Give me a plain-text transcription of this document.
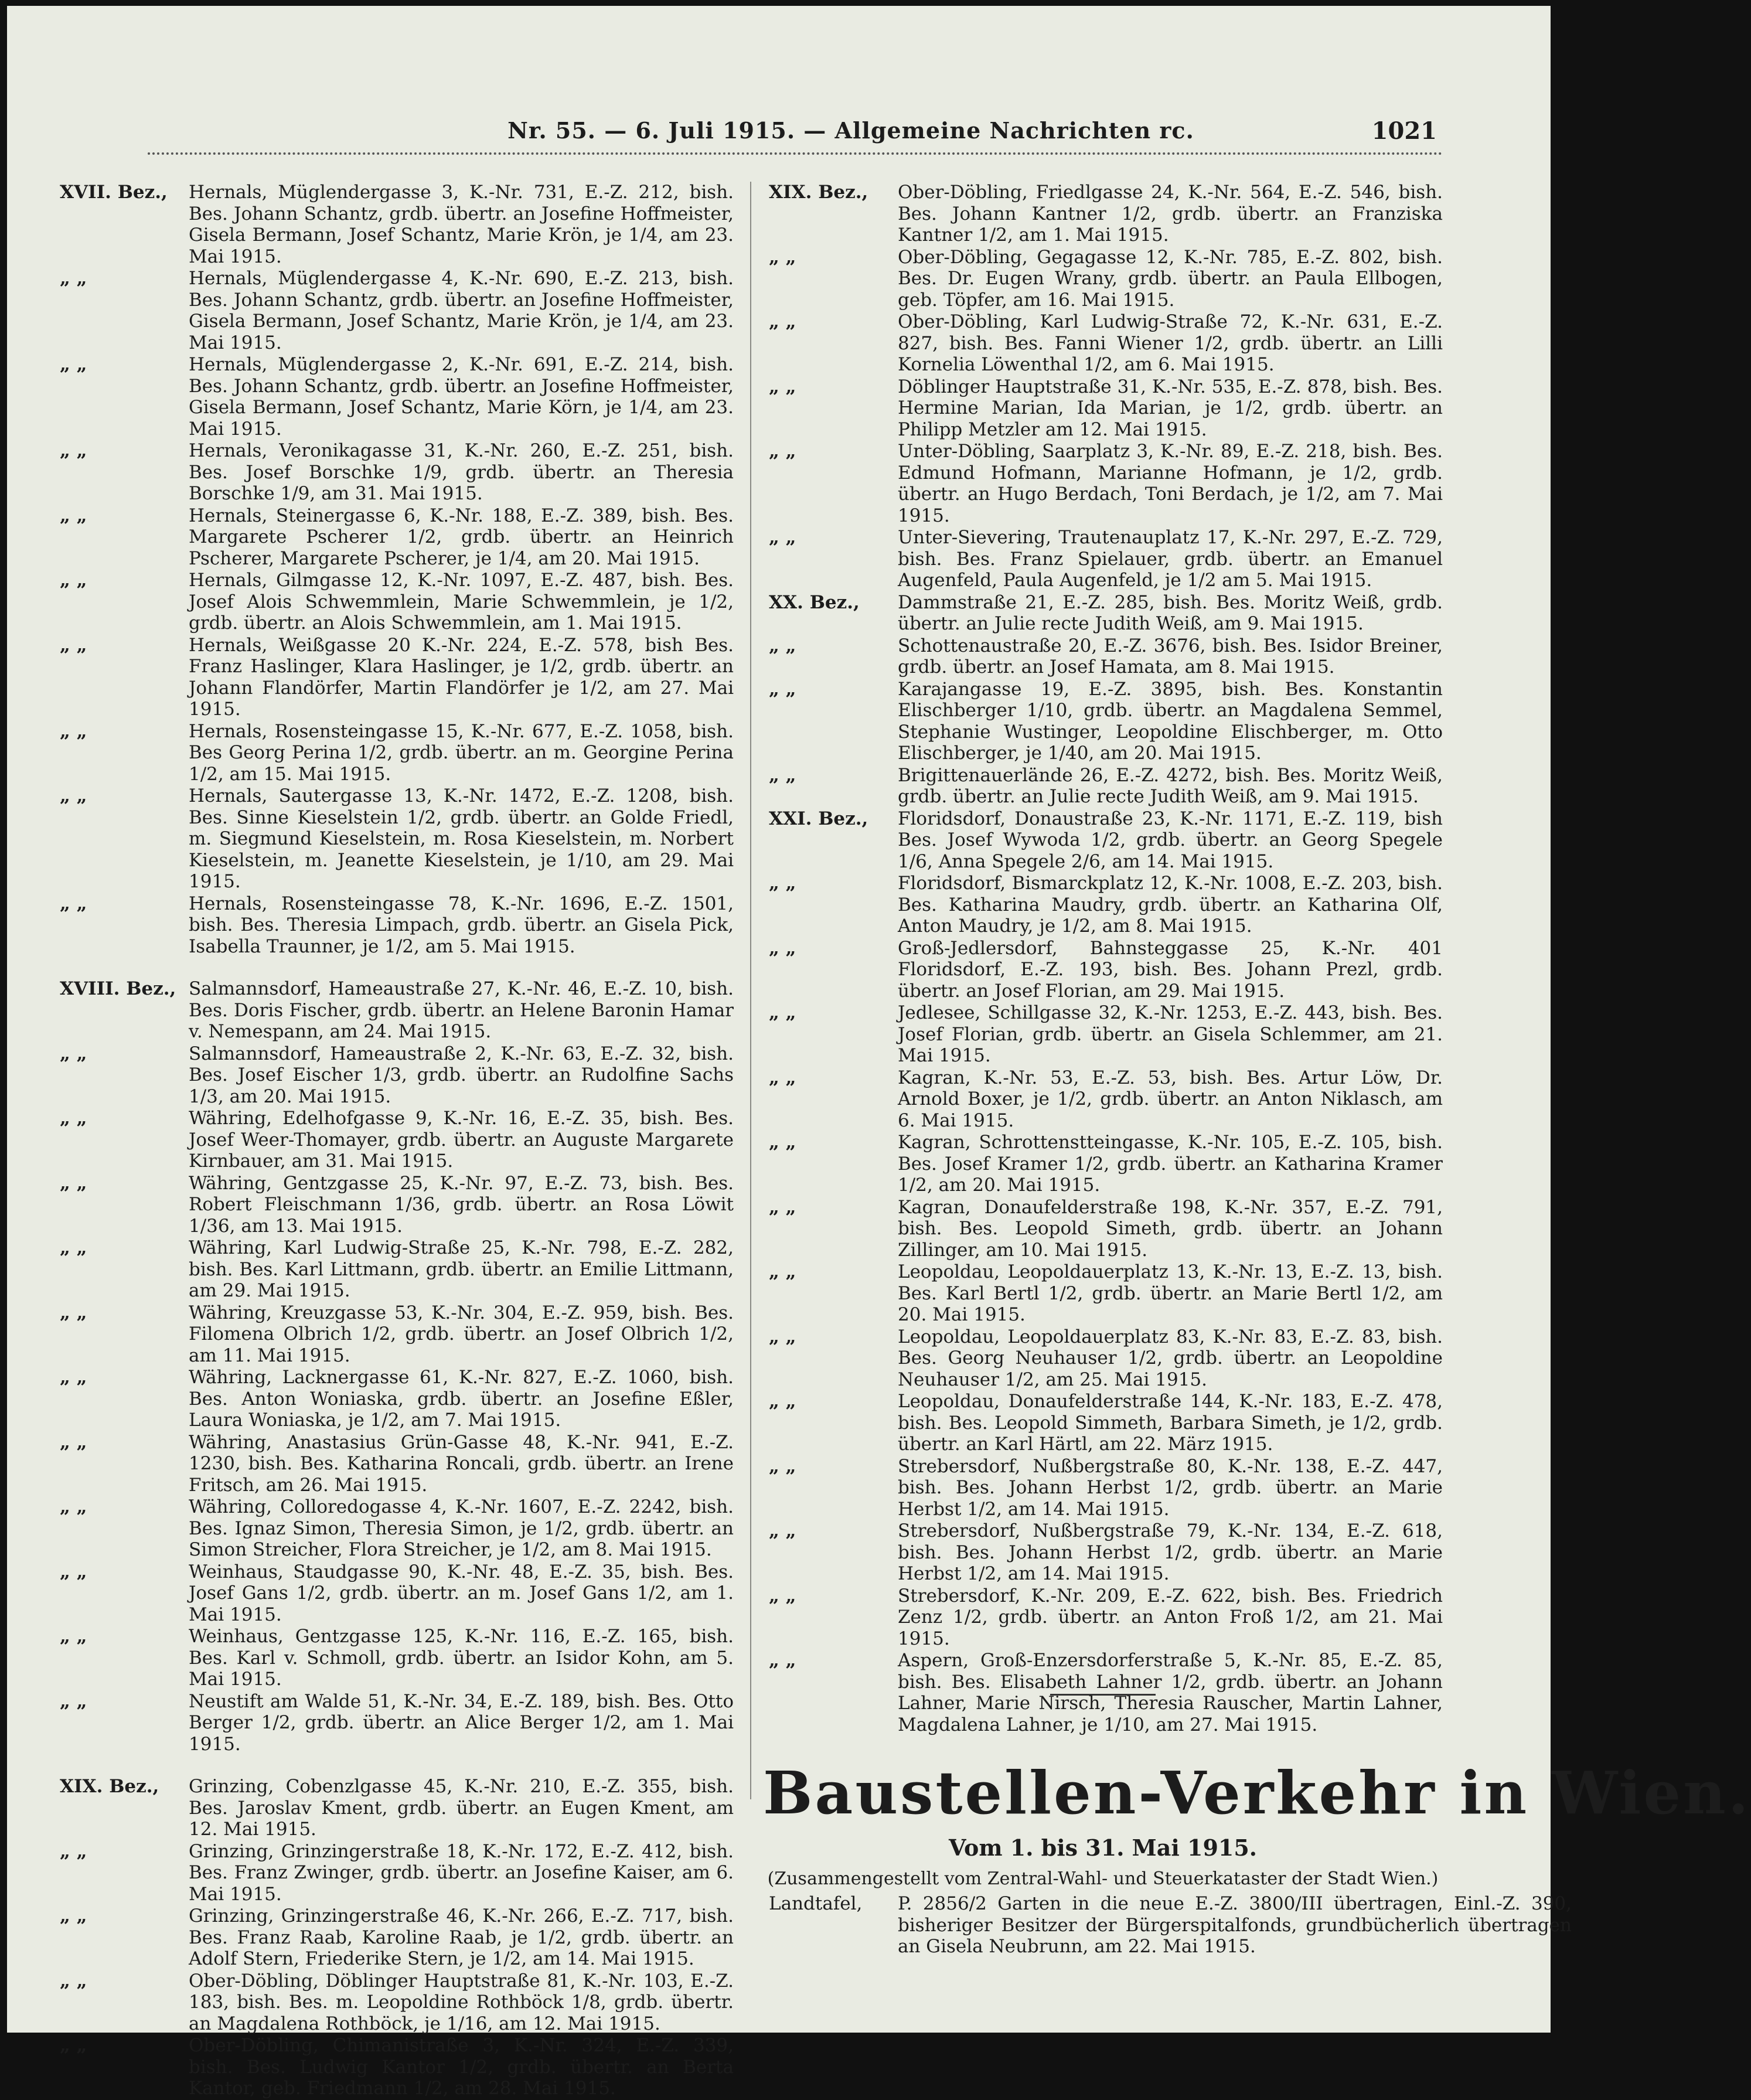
Nr. 55. — 6. Juli 1915. — Allgemeine Nachrichten rc.	1021
XVII. Bez.,	Hernals, Müglendergasse 3, K.-Nr. 731, E.-Z. 212, bish. Bes. Johann Schantz, grdb. übertr. an Josefine Hoffmeister, Gisela Bermann, Josef Schantz, Marie Krön, je 1/4, am 23. Mai 1915.
„ „	Hernals, Müglendergasse 4, K.-Nr. 690, E.-Z. 213, bish. Bes. Johann Schantz, grdb. übertr. an Josefine Hoffmeister, Gisela Bermann, Josef Schantz, Marie Krön, je 1/4, am 23. Mai 1915.
„ „	Hernals, Müglendergasse 2, K.-Nr. 691, E.-Z. 214, bish. Bes. Johann Schantz, grdb. übertr. an Josefine Hoffmeister, Gisela Bermann, Josef Schantz, Marie Körn, je 1/4, am 23. Mai 1915.
„ „	Hernals, Veronikagasse 31, K.-Nr. 260, E.-Z. 251, bish. Bes. Josef Borschke 1/9, grdb. übertr. an Theresia Borschke 1/9, am 31. Mai 1915.
„ „	Hernals, Steinergasse 6, K.-Nr. 188, E.-Z. 389, bish. Bes. Margarete Pscherer 1/2, grdb. übertr. an Heinrich Pscherer, Margarete Pscherer, je 1/4, am 20. Mai 1915.
„ „	Hernals, Gilmgasse 12, K.-Nr. 1097, E.-Z. 487, bish. Bes. Josef Alois Schwemmlein, Marie Schwemmlein, je 1/2, grdb. übertr. an Alois Schwemmlein, am 1. Mai 1915.
„ „	Hernals, Weißgasse 20 K.-Nr. 224, E.-Z. 578, bish Bes. Franz Haslinger, Klara Haslinger, je 1/2, grdb. übertr. an Johann Flandörfer, Martin Flandörfer je 1/2, am 27. Mai 1915.
„ „	Hernals, Rosensteingasse 15, K.-Nr. 677, E.-Z. 1058, bish. Bes Georg Perina 1/2, grdb. übertr. an m. Georgine Perina 1/2, am 15. Mai 1915.
„ „	Hernals, Sautergasse 13, K.-Nr. 1472, E.-Z. 1208, bish. Bes. Sinne Kieselstein 1/2, grdb. übertr. an Golde Friedl, m. Siegmund Kieselstein, m. Rosa Kieselstein, m. Norbert Kieselstein, m. Jeanette Kieselstein, je 1/10, am 29. Mai 1915.
„ „	Hernals, Rosensteingasse 78, K.-Nr. 1696, E.-Z. 1501, bish. Bes. Theresia Limpach, grdb. übertr. an Gisela Pick, Isabella Traunner, je 1/2, am 5. Mai 1915.
XVIII. Bez., Salmannsdorf, Hameaustraße 27, K.-Nr. 46, E.-Z. 10, bish. Bes. Doris Fischer, grdb. übertr. an Helene Baronin Hamar v. Nemespann, am 24. Mai 1915.
„ „	Salmannsdorf, Hameaustraße 2, K.-Nr. 63, E.-Z. 32, bish. Bes. Josef Eischer 1/3, grdb. übertr. an Rudolfine Sachs 1/3, am 20. Mai 1915.
„ „	Währing, Edelhofgasse 9, K.-Nr. 16, E.-Z. 35, bish. Bes. Josef Weer-Thomayer, grdb. übertr. an Auguste Margarete Kirnbauer, am 31. Mai 1915.
„ „	Währing, Gentzgasse 25, K.-Nr. 97, E.-Z. 73, bish. Bes. Robert Fleischmann 1/36, grdb. übertr. an Rosa Löwit 1/36, am 13. Mai 1915.
„ „	Währing, Karl Ludwig-Straße 25, K.-Nr. 798, E.-Z. 282, bish. Bes. Karl Littmann, grdb. übertr. an Emilie Littmann, am 29. Mai 1915.
„ „	Währing, Kreuzgasse 53, K.-Nr. 304, E.-Z. 959, bish. Bes. Filomena Olbrich 1/2, grdb. übertr. an Josef Olbrich 1/2, am 11. Mai 1915.
„ „	Währing, Lacknergasse 61, K.-Nr. 827, E.-Z. 1060, bish. Bes. Anton Woniaska, grdb. übertr. an Josefine Eßler, Laura Woniaska, je 1/2, am 7. Mai 1915.
„ „	Währing, Anastasius Grün-Gasse 48, K.-Nr. 941, E.-Z. 1230, bish. Bes. Katharina Roncali, grdb. übertr. an Irene Fritsch, am 26. Mai 1915.
„ „	Währing, Colloredogasse 4, K.-Nr. 1607, E.-Z. 2242, bish. Bes. Ignaz Simon, Theresia Simon, je 1/2, grdb. übertr. an Simon Streicher, Flora Streicher, je 1/2, am 8. Mai 1915.
„ „	Weinhaus, Staudgasse 90, K.-Nr. 48, E.-Z. 35, bish. Bes. Josef Gans 1/2, grdb. übertr. an m. Josef Gans 1/2, am 1. Mai 1915.
„ „	Weinhaus, Gentzgasse 125, K.-Nr. 116, E.-Z. 165, bish. Bes. Karl v. Schmoll, grdb. übertr. an Isidor Kohn, am 5. Mai 1915.
„ „	Neustift am Walde 51, K.-Nr. 34, E.-Z. 189, bish. Bes. Otto Berger 1/2, grdb. übertr. an Alice Berger 1/2, am 1. Mai 1915.
XIX. Bez.,	Grinzing, Cobenzlgasse 45, K.-Nr. 210, E.-Z. 355, bish. Bes. Jaroslav Kment, grdb. übertr. an Eugen Kment, am 12. Mai 1915.
„ „	Grinzing, Grinzingerstraße 18, K.-Nr. 172, E.-Z. 412, bish. Bes. Franz Zwinger, grdb. übertr. an Josefine Kaiser, am 6. Mai 1915.
„ „	Grinzing, Grinzingerstraße 46, K.-Nr. 266, E.-Z. 717, bish. Bes. Franz Raab, Karoline Raab, je 1/2, grdb. übertr. an Adolf Stern, Friederike Stern, je 1/2, am 14. Mai 1915.
„ „	Ober-Döbling, Döblinger Hauptstraße 81, K.-Nr. 103, E.-Z. 183, bish. Bes. m. Leopoldine Rothböck 1/8, grdb. übertr. an Magdalena Rothböck, je 1/16, am 12. Mai 1915.
„ „	Ober-Döbling, Chimanistraße 3, K.-Nr. 324, E.-Z. 339, bish. Bes. Ludwig Kantor 1/2, grdb. übertr. an Berta Kantor, geb. Friedmann 1/2, am 28. Mai 1915.
XIX. Bez.,	Ober-Döbling, Friedlgasse 24, K.-Nr. 564, E.-Z. 546, bish. Bes. Johann Kantner 1/2, grdb. übertr. an Franziska Kantner 1/2, am 1. Mai 1915.
„ „	Ober-Döbling, Gegagasse 12, K.-Nr. 785, E.-Z. 802, bish. Bes. Dr. Eugen Wrany, grdb. übertr. an Paula Ellbogen, geb. Töpfer, am 16. Mai 1915.
„ „	Ober-Döbling, Karl Ludwig-Straße 72, K.-Nr. 631, E.-Z. 827, bish. Bes. Fanni Wiener 1/2, grdb. übertr. an Lilli Kornelia Löwenthal 1/2, am 6. Mai 1915.
„ „	Döblinger Hauptstraße 31, K.-Nr. 535, E.-Z. 878, bish. Bes. Hermine Marian, Ida Marian, je 1/2, grdb. übertr. an Philipp Metzler am 12. Mai 1915.
„ „	Unter-Döbling, Saarplatz 3, K.-Nr. 89, E.-Z. 218, bish. Bes. Edmund Hofmann, Marianne Hofmann, je 1/2, grdb. übertr. an Hugo Berdach, Toni Berdach, je 1/2, am 7. Mai 1915.
„ „	Unter-Sievering, Trautenauplatz 17, K.-Nr. 297, E.-Z. 729, bish. Bes. Franz Spielauer, grdb. übertr. an Emanuel Augenfeld, Paula Augenfeld, je 1/2 am 5. Mai 1915.
XX. Bez.,	Dammstraße 21, E.-Z. 285, bish. Bes. Moritz Weiß, grdb. übertr. an Julie recte Judith Weiß, am 9. Mai 1915.
„ „	Schottenaustraße 20, E.-Z. 3676, bish. Bes. Isidor Breiner, grdb. übertr. an Josef Hamata, am 8. Mai 1915.
„ „	Karajangasse 19, E.-Z. 3895, bish. Bes. Konstantin Elischberger 1/10, grdb. übertr. an Magdalena Semmel, Stephanie Wustinger, Leopoldine Elischberger, m. Otto Elischberger, je 1/40, am 20. Mai 1915.
„ „	Brigittenauerlände 26, E.-Z. 4272, bish. Bes. Moritz Weiß, grdb. übertr. an Julie recte Judith Weiß, am 9. Mai 1915.
XXI. Bez.,	Floridsdorf, Donaustraße 23, K.-Nr. 1171, E.-Z. 119, bish Bes. Josef Wywoda 1/2, grdb. übertr. an Georg Spegele 1/6, Anna Spegele 2/6, am 14. Mai 1915.
„ „	Floridsdorf, Bismarckplatz 12, K.-Nr. 1008, E.-Z. 203, bish. Bes. Katharina Maudry, grdb. übertr. an Katharina Olf, Anton Maudry, je 1/2, am 8. Mai 1915.
„ „	Groß-Jedlersdorf, Bahnsteggasse 25, K.-Nr. 401 Floridsdorf, E.-Z. 193, bish. Bes. Johann Prezl, grdb. übertr. an Josef Florian, am 29. Mai 1915.
„ „	Jedlesee, Schillgasse 32, K.-Nr. 1253, E.-Z. 443, bish. Bes. Josef Florian, grdb. übertr. an Gisela Schlemmer, am 21. Mai 1915.
„ „	Kagran, K.-Nr. 53, E.-Z. 53, bish. Bes. Artur Löw, Dr. Arnold Boxer, je 1/2, grdb. übertr. an Anton Niklasch, am 6. Mai 1915.
„ „	Kagran, Schrottenstteingasse, K.-Nr. 105, E.-Z. 105, bish. Bes. Josef Kramer 1/2, grdb. übertr. an Katharina Kramer 1/2, am 20. Mai 1915.
„ „	Kagran, Donaufelderstraße 198, K.-Nr. 357, E.-Z. 791, bish. Bes. Leopold Simeth, grdb. übertr. an Johann Zillinger, am 10. Mai 1915.
„ „	Leopoldau, Leopoldauerplatz 13, K.-Nr. 13, E.-Z. 13, bish. Bes. Karl Bertl 1/2, grdb. übertr. an Marie Bertl 1/2, am 20. Mai 1915.
„ „	Leopoldau, Leopoldauerplatz 83, K.-Nr. 83, E.-Z. 83, bish. Bes. Georg Neuhauser 1/2, grdb. übertr. an Leopoldine Neuhauser 1/2, am 25. Mai 1915.
„ „	Leopoldau, Donaufelderstraße 144, K.-Nr. 183, E.-Z. 478, bish. Bes. Leopold Simmeth, Barbara Simeth, je 1/2, grdb. übertr. an Karl Härtl, am 22. März 1915.
„ „	Strebersdorf, Nußbergstraße 80, K.-Nr. 138, E.-Z. 447, bish. Bes. Johann Herbst 1/2, grdb. übertr. an Marie Herbst 1/2, am 14. Mai 1915.
„ „	Strebersdorf, Nußbergstraße 79, K.-Nr. 134, E.-Z. 618, bish. Bes. Johann Herbst 1/2, grdb. übertr. an Marie Herbst 1/2, am 14. Mai 1915.
„ „	Strebersdorf, K.-Nr. 209, E.-Z. 622, bish. Bes. Friedrich Zenz 1/2, grdb. übertr. an Anton Froß 1/2, am 21. Mai 1915.
„ „	Aspern, Groß-Enzersdorferstraße 5, K.-Nr. 85, E.-Z. 85, bish. Bes. Elisabeth Lahner 1/2, grdb. übertr. an Johann Lahner, Marie Nirsch, Theresia Rauscher, Martin Lahner, Magdalena Lahner, je 1/10, am 27. Mai 1915.
Baustellen-Verkehr in Wien.
Vom 1. bis 31. Mai 1915.
(Zusammengestellt vom Zentral-Wahl- und Steuerkataster der Stadt Wien.)
Landtafel,	P. 2856/2 Garten in die neue E.-Z. 3800/III übertragen, Einl.-Z. 390, bisheriger Besitzer der Bürgerspitalfonds, grundbücherlich übertragen an Gisela Neubrunn, am 22. Mai 1915.
